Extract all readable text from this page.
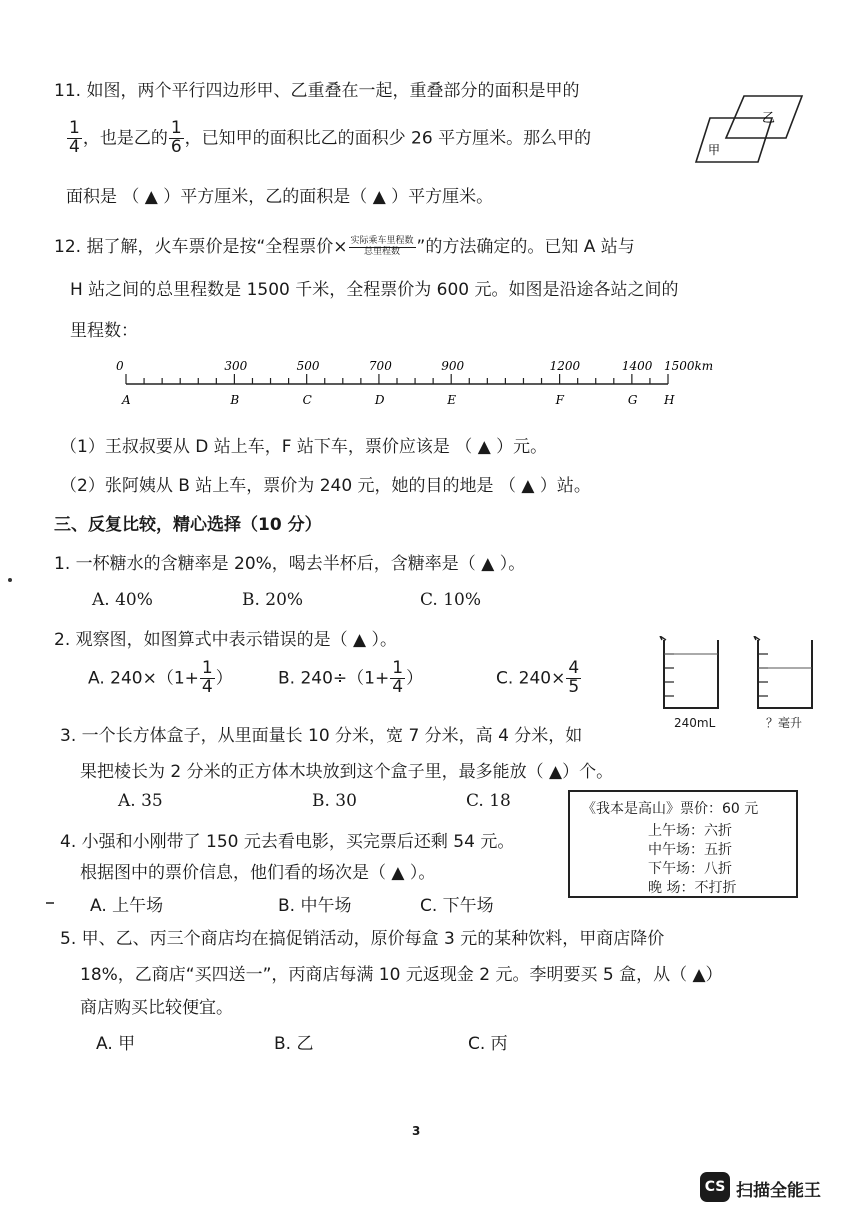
11. 如图，两个平行四边形甲、乙重叠在一起，重叠部分的面积是甲的
$\frac{1}{4}$ ，也是乙的 $\frac{1}{6}$ ，已知甲的面积比乙的面积少 26 平方厘米。那么甲的
面积是 （ ▲ ）平方厘米，乙的面积是（ ▲ ）平方厘米。
甲
乙
12. 据了解，火车票价是按“全程票价× $\frac{\text{实际乘车里程数}}{\text{总里程数}}$ ”的方法确定的。已知 A 站与
H 站之间的总里程数是 1500 千米，全程票价为 600 元。如图是沿途各站之间的
里程数：
0
A
300
B
500
C
700
D
900
E
1200
F
1400
G
1500km
H
（1）王叔叔要从 D 站上车，F 站下车，票价应该是 （ ▲ ）元。
（2）张阿姨从 B 站上车，票价为 240 元，她的目的地是 （ ▲ ）站。
三、反复比较，精心选择（10 分）
1. 一杯糖水的含糖率是 20%，喝去半杯后，含糖率是（ ▲ ）。
A. 40%	B. 20%	C. 10%
2. 观察图，如图算式中表示错误的是（ ▲ ）。
A. $240\times(1+ \frac{1}{4}$ ）	B. $240\div(1+ \frac{1}{4}$ ）	C. $240\times \frac{4}{5}$
240mL	？毫升
3. 一个长方体盒子，从里面量长 10 分米，宽 7 分米，高 4 分米，如
果把棱长为 2 分米的正方体木块放到这个盒子里，最多能放（ ▲）个。
A. 35	B. 30	C. 18
4. 小强和小刚带了 150 元去看电影，买完票后还剩 54 元。
根据图中的票价信息，他们看的场次是（ ▲ ）。
A. 上午场	B. 中午场	C. 下午场
《我本是高山》票价：60 元
上午场：六折
中午场：五折
下午场：八折
晚 场：不打折
5. 甲、乙、丙三个商店均在搞促销活动，原价每盒 3 元的某种饮料，甲商店降价
18%，乙商店“买四送一”，丙商店每满 10 元返现金 2 元。李明要买 5 盒，从（ ▲）
商店购买比较便宜。
A. 甲	B. 乙	C. 丙
3
CS 扫描全能王
